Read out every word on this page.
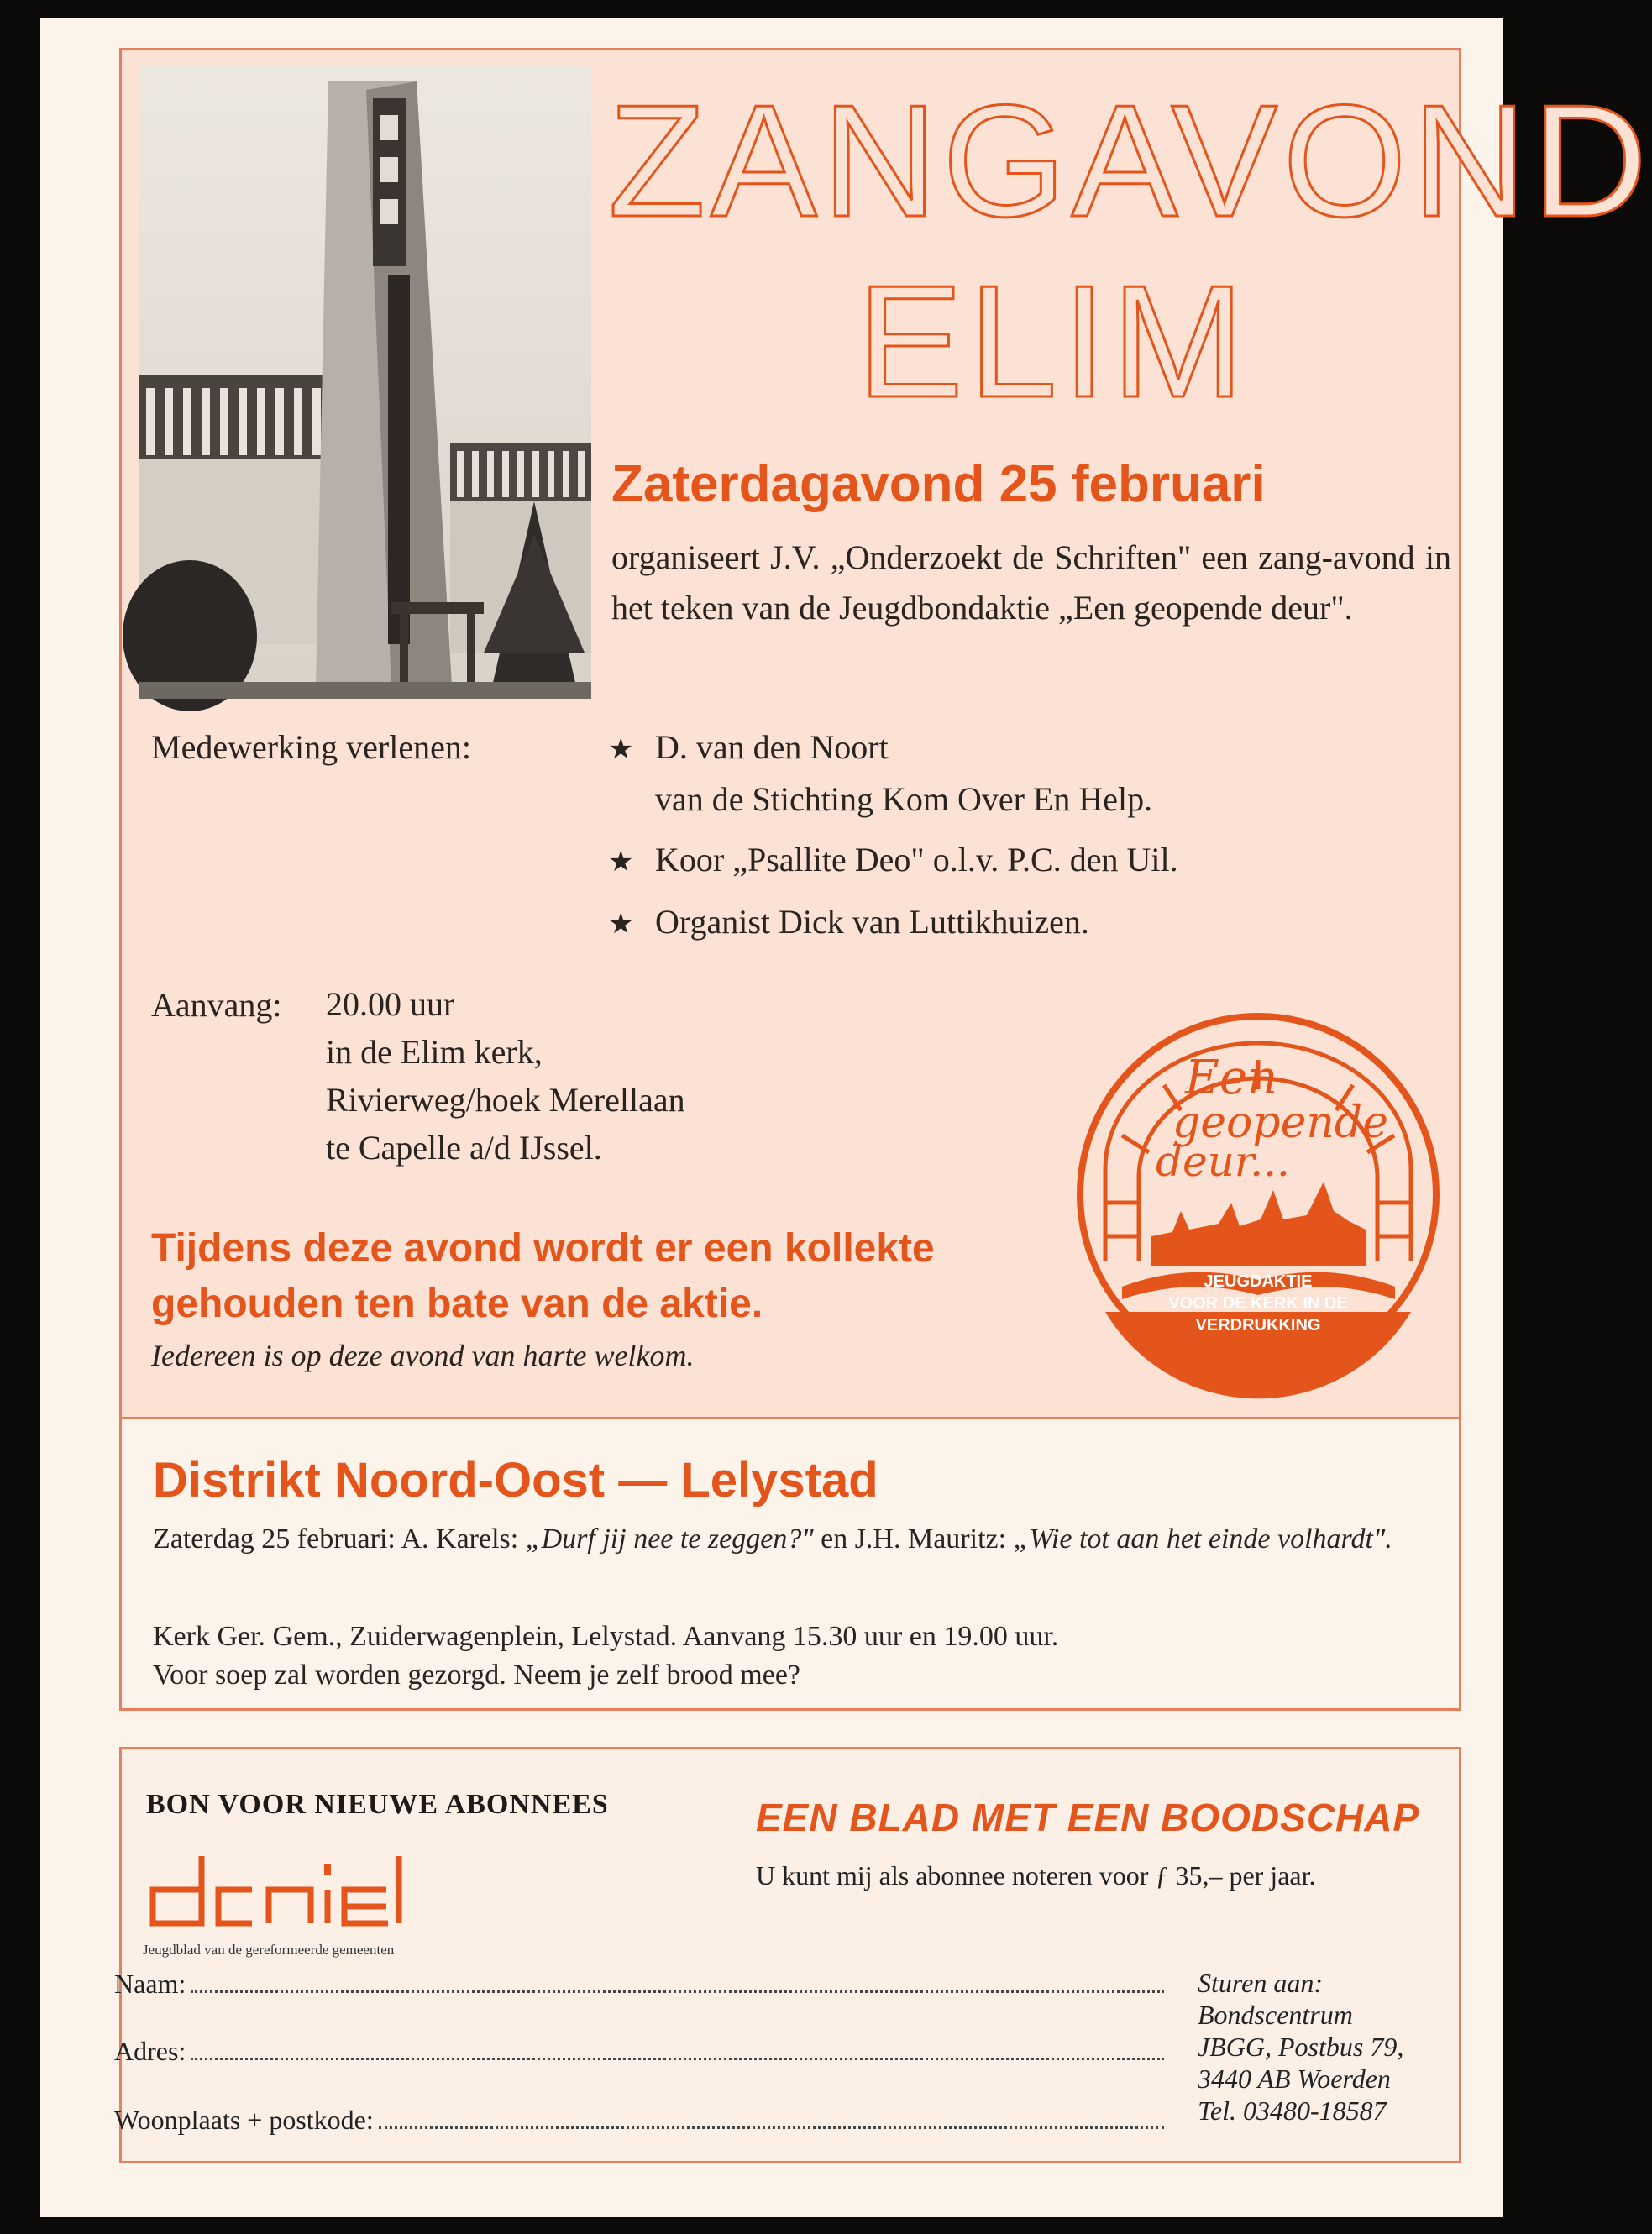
ZANGAVOND
ELIM
Zaterdagavond 25 februari
organiseert J.V. „Onderzoekt de Schriften" een zang-avond in het teken van de Jeugdbondaktie „Een geopende deur".
Medewerking verlenen:	★ D. van den Noort
van de Stichting Kom Over En Help.
★ Koor „Psallite Deo" o.l.v. P.C. den Uil.
★ Organist Dick van Luttikhuizen.
Aanvang: 20.00 uur
in de Elim kerk,
Rivierweg/hoek Merellaan
te Capelle a/d IJssel.
Tijdens deze avond wordt er een kollekte
gehouden ten bate van de aktie.
Iedereen is op deze avond van harte welkom.
Een
geopende
deur...
JEUGDAKTIE
VOOR DE KERK IN DE
VERDRUKKING
Distrikt Noord-Oost — Lelystad
Zaterdag 25 februari: A. Karels: „Durf jij nee te zeggen?" en J.H. Mauritz: „Wie tot aan het einde volhardt".
Kerk Ger. Gem., Zuiderwagenplein, Lelystad. Aanvang 15.30 uur en 19.00 uur.
Voor soep zal worden gezorgd. Neem je zelf brood mee?
BON VOOR NIEUWE ABONNEES
daniel
Jeugdblad van de gereformeerde gemeenten
EEN BLAD MET EEN BOODSCHAP
U kunt mij als abonnee noteren voor ƒ 35,– per jaar.
Naam:
Adres:
Woonplaats + postkode:
Sturen aan:
Bondscentrum
JBGG, Postbus 79,
3440 AB Woerden
Tel. 03480-18587
